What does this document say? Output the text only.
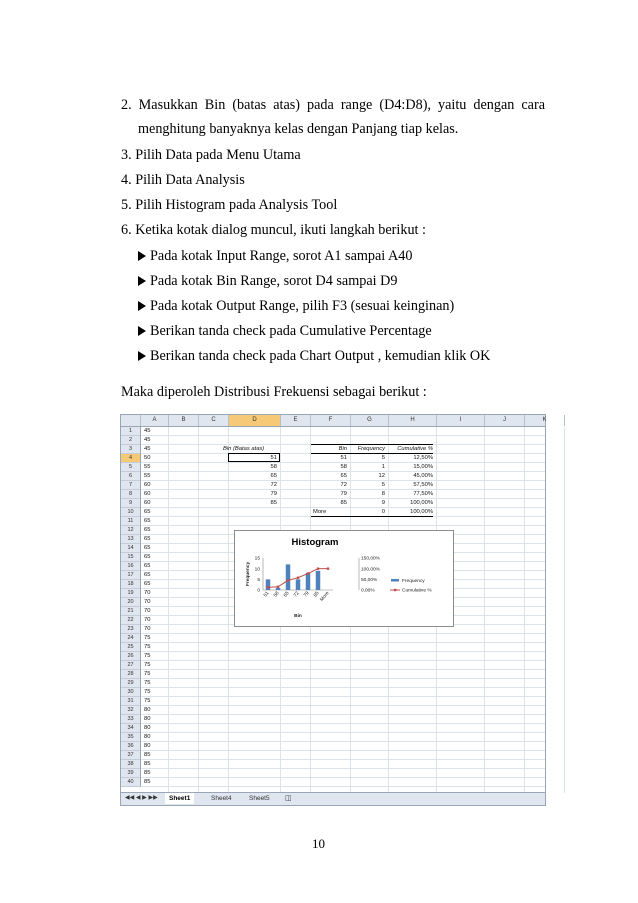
2. Masukkan Bin (batas atas) pada range (D4:D8), yaitu dengan cara
menghitung banyaknya kelas dengan Panjang tiap kelas.
3. Pilih Data pada Menu Utama
4. Pilih Data Analysis
5. Pilih Histogram pada Analysis Tool
6. Ketika kotak dialog muncul, ikuti langkah berikut :
Pada kotak Input Range, sorot A1 sampai A40
Pada kotak Bin Range, sorot D4 sampai D9
Pada kotak Output Range, pilih F3 (sesuai keinginan)
Berikan tanda check pada Cumulative Percentage
Berikan tanda check pada Chart Output , kemudian klik OK
Maka diperoleh Distribusi Frekuensi sebagai berikut :
A	B	C	D	E	F	G	H	I	J	K
1	45
2	45
3	45
4	50
5	55
6	55
7	60
8	60
9	60
10	65
11	65
12	65
13	65
14	65
15	65
16	65
17	65
18	65
19	70
20	70
21	70
22	70
23	70
24	75
25	75
26	75
27	75
28	75
29	75
30	75
31	75
32	80
33	80
34	80
35	80
36	80
37	85
38	85
39	85
40	85
Bin (Batas atas)
51
58
65
72
79
85
Bin	Frequency	Cumulative %
51	5	12,50%
58	1	15,00%
65	12	45,00%
72	5	57,50%
79	8	77,50%
85	9	100,00%
More	0	100,00%
◀◀ ◀ ▶ ▶▶	Sheet1	Sheet4	Sheet5	◫
Histogram
0
5
10
15
0,00%
50,00%
100,00%
150,00%
51 58 65 72 79 85 More
Bin
Frequency	Frequency
Cumulative %
10
